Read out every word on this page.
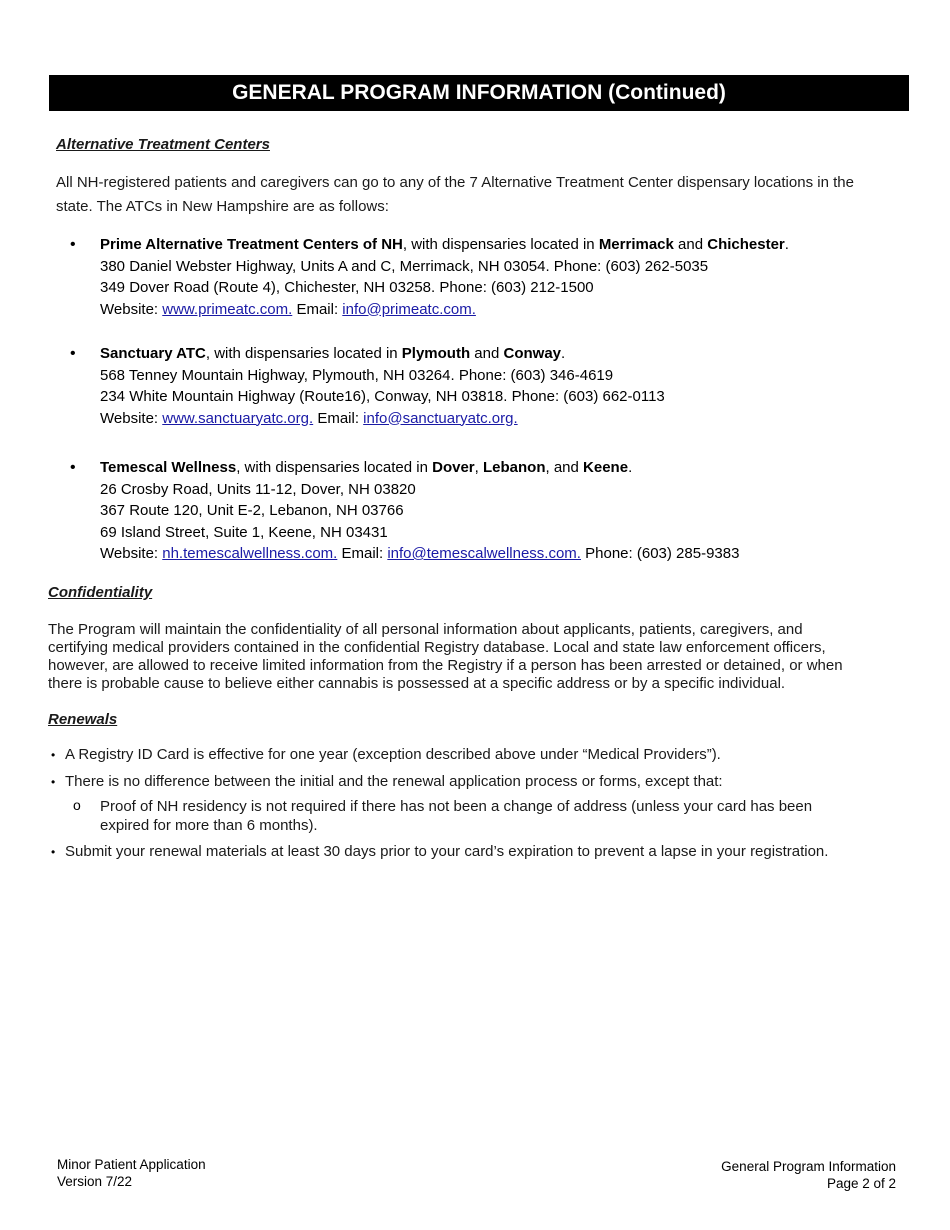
GENERAL PROGRAM INFORMATION (Continued)
Alternative Treatment Centers
All NH-registered patients and caregivers can go to any of the 7 Alternative Treatment Center dispensary locations in the
state. The ATCs in New Hampshire are as follows:
• Prime Alternative Treatment Centers of NH, with dispensaries located in Merrimack and Chichester.
380 Daniel Webster Highway, Units A and C, Merrimack, NH 03054. Phone: (603) 262-5035
349 Dover Road (Route 4), Chichester, NH 03258. Phone: (603) 212-1500
Website: www.primeatc.com. Email: info@primeatc.com.
• Sanctuary ATC, with dispensaries located in Plymouth and Conway.
568 Tenney Mountain Highway, Plymouth, NH 03264. Phone: (603) 346-4619
234 White Mountain Highway (Route16), Conway, NH 03818. Phone: (603) 662-0113
Website: www.sanctuaryatc.org. Email: info@sanctuaryatc.org.
• Temescal Wellness, with dispensaries located in Dover, Lebanon, and Keene.
26 Crosby Road, Units 11-12, Dover, NH 03820
367 Route 120, Unit E-2, Lebanon, NH 03766
69 Island Street, Suite 1, Keene, NH 03431
Website: nh.temescalwellness.com. Email: info@temescalwellness.com. Phone: (603) 285-9383
Confidentiality
The Program will maintain the confidentiality of all personal information about applicants, patients, caregivers, and
certifying medical providers contained in the confidential Registry database. Local and state law enforcement officers,
however, are allowed to receive limited information from the Registry if a person has been arrested or detained, or when
there is probable cause to believe either cannabis is possessed at a specific address or by a specific individual.
Renewals
• A Registry ID Card is effective for one year (exception described above under “Medical Providers”).
• There is no difference between the initial and the renewal application process or forms, except that:
o Proof of NH residency is not required if there has not been a change of address (unless your card has been
expired for more than 6 months).
• Submit your renewal materials at least 30 days prior to your card’s expiration to prevent a lapse in your registration.
Minor Patient Application
Version 7/22
General Program Information
Page 2 of 2
